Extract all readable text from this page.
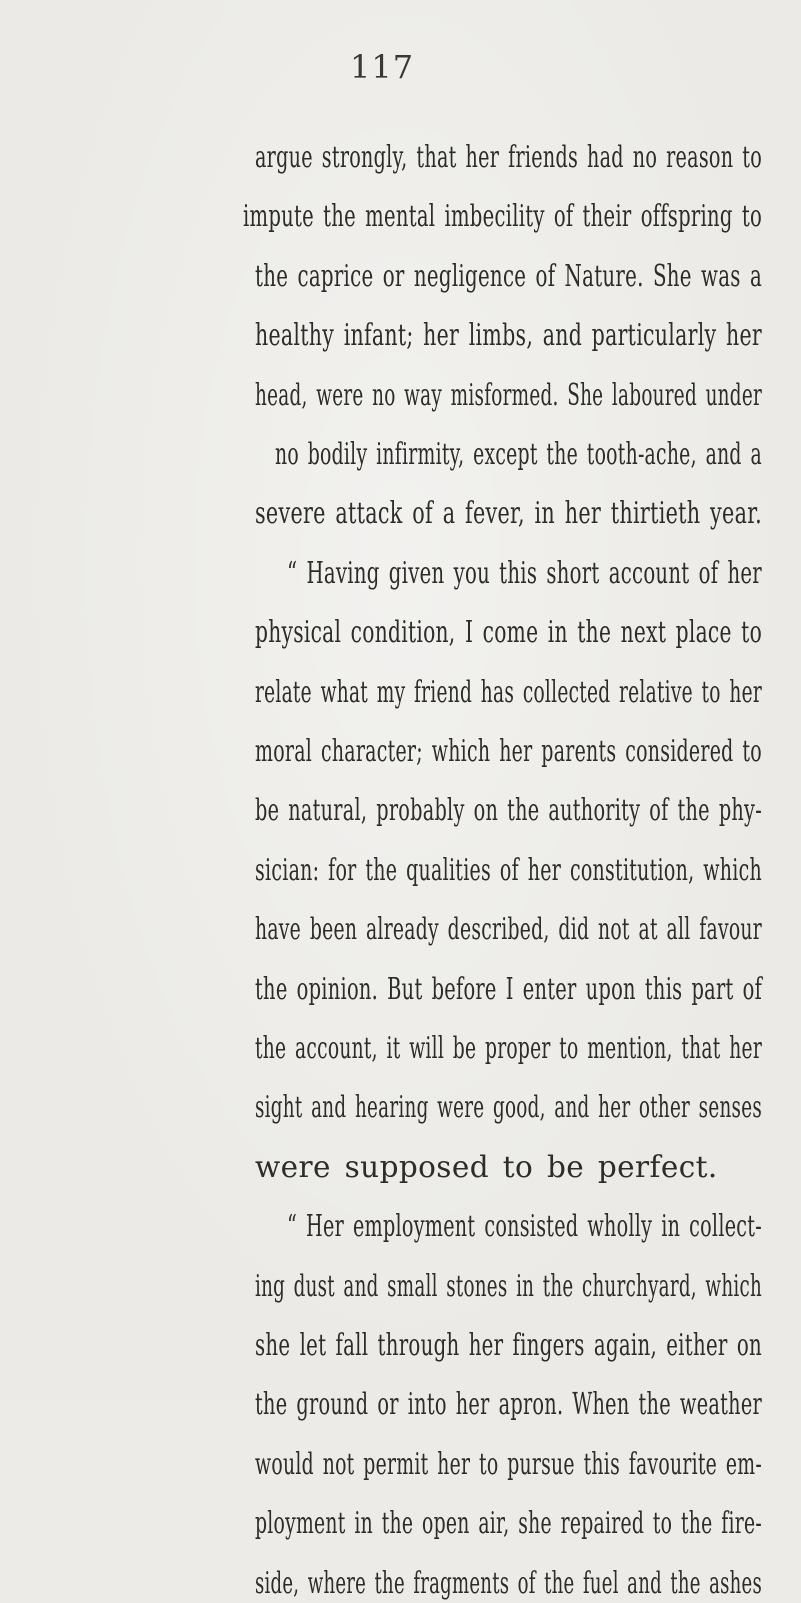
117
argue strongly, that her friends had no reason to
impute the mental imbecility of their offspring to
the caprice or negligence of Nature. She was a
healthy infant; her limbs, and particularly her
head, were no way misformed. She laboured under
no bodily infirmity, except the tooth-ache, and a
severe attack of a fever, in her thirtieth year.
“ Having given you this short account of her
physical condition, I come in the next place to
relate what my friend has collected relative to her
moral character; which her parents considered to
be natural, probably on the authority of the phy-
sician: for the qualities of her constitution, which
have been already described, did not at all favour
the opinion. But before I enter upon this part of
the account, it will be proper to mention, that her
sight and hearing were good, and her other senses
were supposed to be perfect.
“ Her employment consisted wholly in collect-
ing dust and small stones in the churchyard, which
she let fall through her fingers again, either on
the ground or into her apron. When the weather
would not permit her to pursue this favourite em-
ployment in the open air, she repaired to the fire-
side, where the fragments of the fuel and the ashes
